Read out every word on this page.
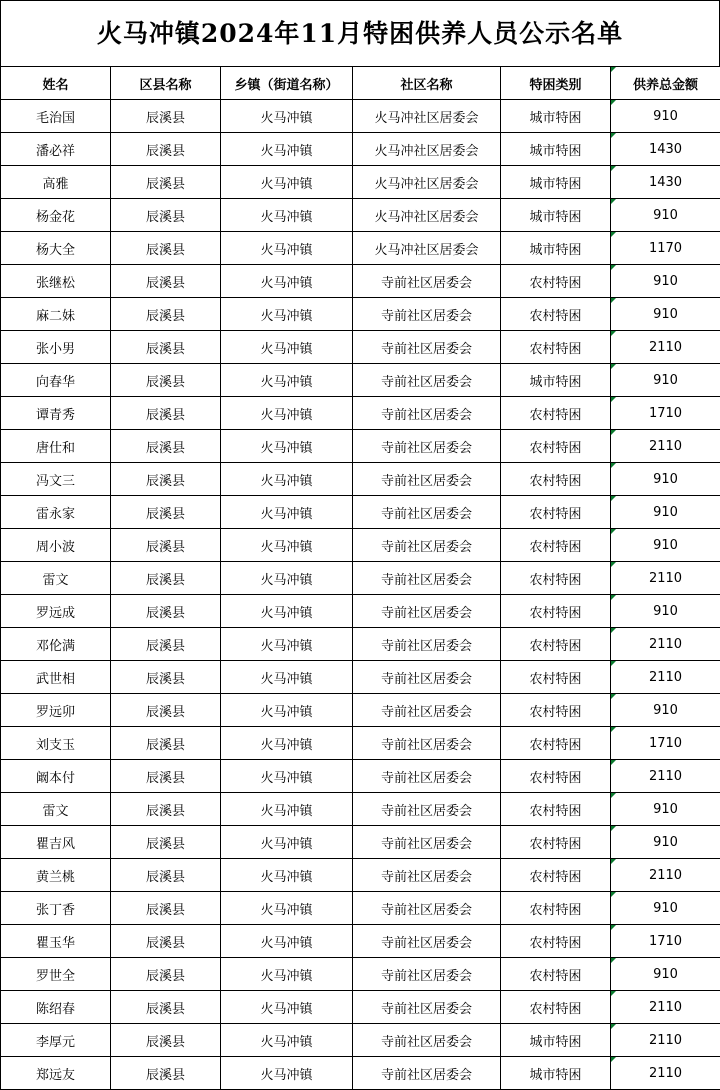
火马冲镇2024年11月特困供养人员公示名单
姓名	区县名称	乡镇（街道名称）	社区名称	特困类别	供养总金额
毛治国	辰溪县	火马冲镇	火马冲社区居委会	城市特困	910
潘必祥	辰溪县	火马冲镇	火马冲社区居委会	城市特困	1430
高雅	辰溪县	火马冲镇	火马冲社区居委会	城市特困	1430
杨金花	辰溪县	火马冲镇	火马冲社区居委会	城市特困	910
杨大全	辰溪县	火马冲镇	火马冲社区居委会	城市特困	1170
张继松	辰溪县	火马冲镇	寺前社区居委会	农村特困	910
麻二妹	辰溪县	火马冲镇	寺前社区居委会	农村特困	910
张小男	辰溪县	火马冲镇	寺前社区居委会	农村特困	2110
向春华	辰溪县	火马冲镇	寺前社区居委会	城市特困	910
谭青秀	辰溪县	火马冲镇	寺前社区居委会	农村特困	1710
唐仕和	辰溪县	火马冲镇	寺前社区居委会	农村特困	2110
冯文三	辰溪县	火马冲镇	寺前社区居委会	农村特困	910
雷永家	辰溪县	火马冲镇	寺前社区居委会	农村特困	910
周小波	辰溪县	火马冲镇	寺前社区居委会	农村特困	910
雷文	辰溪县	火马冲镇	寺前社区居委会	农村特困	2110
罗远成	辰溪县	火马冲镇	寺前社区居委会	农村特困	910
邓伦满	辰溪县	火马冲镇	寺前社区居委会	农村特困	2110
武世相	辰溪县	火马冲镇	寺前社区居委会	农村特困	2110
罗远卯	辰溪县	火马冲镇	寺前社区居委会	农村特困	910
刘支玉	辰溪县	火马冲镇	寺前社区居委会	农村特困	1710
阚本付	辰溪县	火马冲镇	寺前社区居委会	农村特困	2110
雷文	辰溪县	火马冲镇	寺前社区居委会	农村特困	910
瞿吉风	辰溪县	火马冲镇	寺前社区居委会	农村特困	910
黄兰桃	辰溪县	火马冲镇	寺前社区居委会	农村特困	2110
张丁香	辰溪县	火马冲镇	寺前社区居委会	农村特困	910
瞿玉华	辰溪县	火马冲镇	寺前社区居委会	农村特困	1710
罗世全	辰溪县	火马冲镇	寺前社区居委会	农村特困	910
陈绍春	辰溪县	火马冲镇	寺前社区居委会	农村特困	2110
李厚元	辰溪县	火马冲镇	寺前社区居委会	城市特困	2110
郑远友	辰溪县	火马冲镇	寺前社区居委会	城市特困	2110
